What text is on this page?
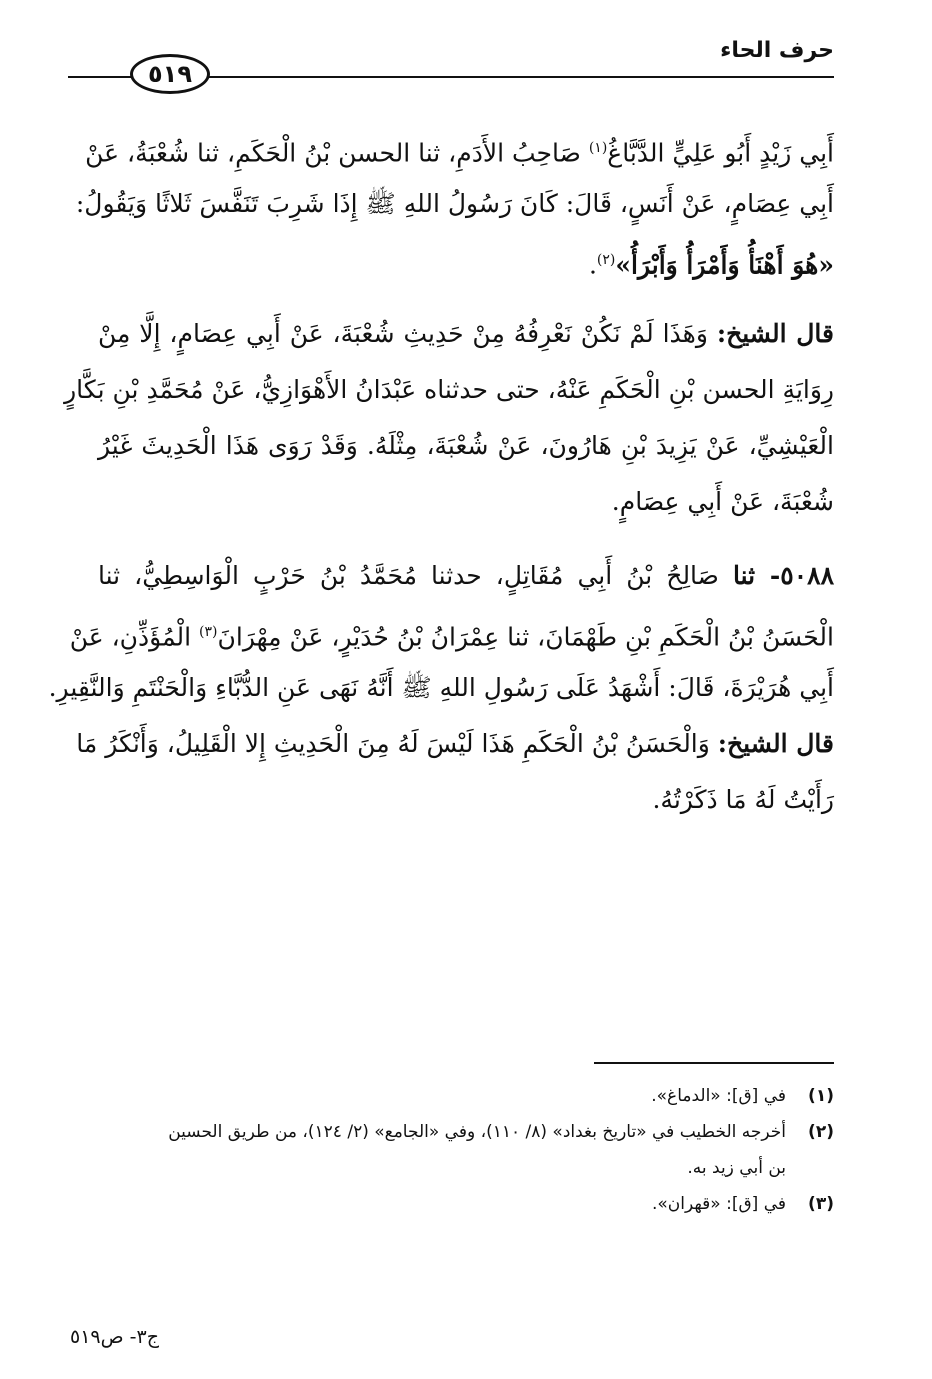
حرف الحاء
٥١٩
أَبِي زَيْدٍ أَبُو عَلِيٍّ الدَّبَّاغُ$^{(١)}$ صَاحِبُ الأَدَمِ، ثنا الحسن بْنُ الْحَكَمِ، ثنا شُعْبَةُ، عَنْ
أَبِي عِصَامٍ، عَنْ أَنَسٍ، قَالَ: كَانَ رَسُولُ اللهِ ﷺ إِذَا شَرِبَ تَنَفَّسَ ثَلاثًا وَيَقُولُ:
«هُوَ أَهْنَأُ وَأَمْرَأُ وَأَبْرَأُ»$^{(٢)}$.
قال الشيخ: وَهَذَا لَمْ نَكُنْ نَعْرِفُهُ مِنْ حَدِيثِ شُعْبَةَ، عَنْ أَبِي عِصَامٍ، إِلَّا مِنْ
رِوَايَةِ الحسن بْنِ الْحَكَمِ عَنْهُ، حتى حدثناه عَبْدَانُ الأَهْوَازِيُّ، عَنْ مُحَمَّدِ بْنِ بَكَّارٍ
الْعَيْشِيِّ، عَنْ يَزِيدَ بْنِ هَارُونَ، عَنْ شُعْبَةَ، مِثْلَهُ. وَقَدْ رَوَى هَذَا الْحَدِيثَ غَيْرُ
شُعْبَةَ، عَنْ أَبِي عِصَامٍ.
٥٠٨٨- ثنا صَالِحُ بْنُ أَبِي مُقَاتِلٍ، حدثنا مُحَمَّدُ بْنُ حَرْبٍ الْوَاسِطِيُّ، ثنا
الْحَسَنُ بْنُ الْحَكَمِ بْنِ طَهْمَانَ، ثنا عِمْرَانُ بْنُ حُدَيْرٍ، عَنْ مِهْرَانَ$^{(٣)}$ الْمُؤَذِّنِ، عَنْ
أَبِي هُرَيْرَةَ، قَالَ: أَشْهَدُ عَلَى رَسُولِ اللهِ ﷺ أَنَّهُ نَهَى عَنِ الدُّبَّاءِ وَالْحَنْتَمِ وَالنَّقِيرِ.
قال الشيخ: وَالْحَسَنُ بْنُ الْحَكَمِ هَذَا لَيْسَ لَهُ مِنَ الْحَدِيثِ إِلا الْقَلِيلُ، وَأَنْكَرُ مَا
رَأَيْتُ لَهُ مَا ذَكَرْتُهُ.
(١)
في [ق]: «الدماغ».
(٢)
أخرجه الخطيب في «تاريخ بغداد» (٨/ ١١٠)، وفي «الجامع» (٢/ ١٢٤)، من طريق الحسين
بن أبي زيد به.
(٣)
في [ق]: «قهران».
ج٣- ص٥١٩
